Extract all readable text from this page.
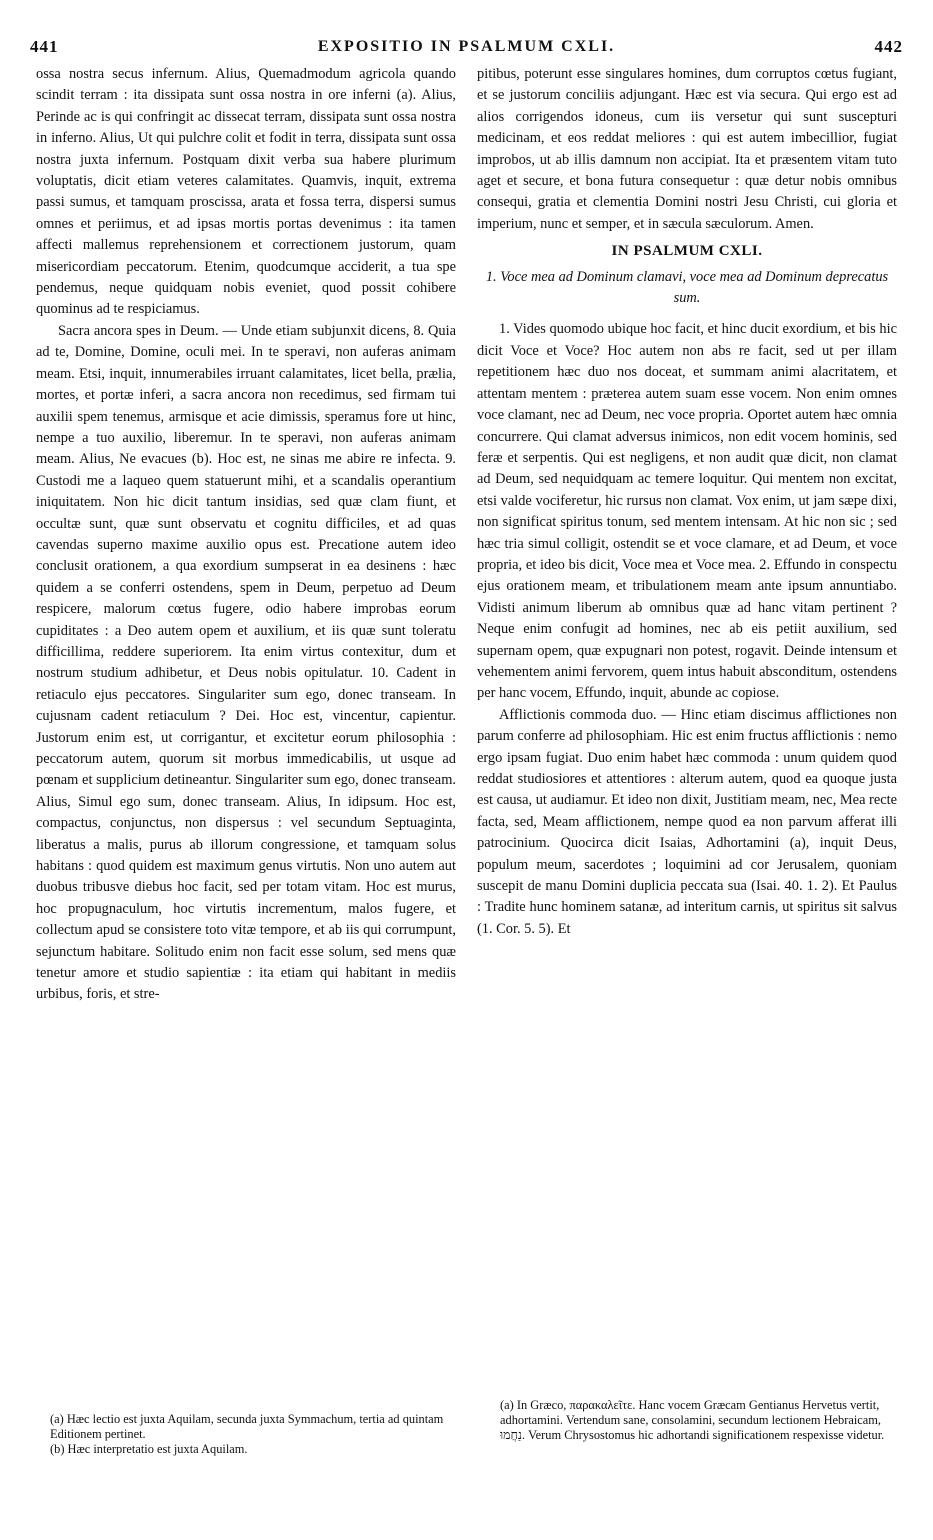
441	EXPOSITIO IN PSALMUM CXLI.	442

ossa nostra secus infernum. Alius, Quemadmodum agricola quando scindit terram : ita dissipata sunt ossa nostra in ore inferni (a). Alius, Perinde ac is qui confringit ac dissecat terram, dissipata sunt ossa nostra in inferno. Alius, Ut qui pulchre colit et fodit in terra, dissipata sunt ossa nostra juxta infernum. Postquam dixit verba sua habere plurimum voluptatis, dicit etiam veteres calamitates. Quamvis, inquit, extrema passi sumus, et tamquam proscissa, arata et fossa terra, dispersi sumus omnes et periimus, et ad ipsas mortis portas devenimus : ita tamen affecti mallemus reprehensionem et correctionem justorum, quam misericordiam peccatorum. Etenim, quodcumque acciderit, a tua spe pendemus, neque quidquam nobis eveniet, quod possit cohibere quominus ad te respiciamus.

Sacra ancora spes in Deum. — Unde etiam subjunxit dicens, 8. Quia ad te, Domine, Domine, oculi mei. In te speravi, non auferas animam meam. Etsi, inquit, innumerabiles irruant calamitates, licet bella, prælia, mortes, et portæ inferi, a sacra ancora non recedimus, sed firmam tui auxilii spem tenemus, armisque et acie dimissis, speramus fore ut hinc, nempe a tuo auxilio, liberemur. In te speravi, non auferas animam meam. Alius, Ne evacues (b). Hoc est, ne sinas me abire re infecta. 9. Custodi me a laqueo quem statuerunt mihi, et a scandalis operantium iniquitatem. Non hic dicit tantum insidias, sed quæ clam fiunt, et occultæ sunt, quæ sunt observatu et cognitu difficiles, et ad quas cavendas superno maxime auxilio opus est. Precatione autem ideo conclusit orationem, a qua exordium sumpserat in ea desinens : hæc quidem a se conferri ostendens, spem in Deum, perpetuo ad Deum respicere, malorum cœtus fugere, odio habere improbas eorum cupiditates : a Deo autem opem et auxilium, et iis quæ sunt toleratu difficillima, reddere superiorem. Ita enim virtus contexitur, dum et nostrum studium adhibetur, et Deus nobis opitulatur. 10. Cadent in retiaculo ejus peccatores. Singulariter sum ego, donec transeam. In cujusnam cadent retiaculum ? Dei. Hoc est, vincentur, capientur. Justorum enim est, ut corrigantur, et excitetur eorum philosophia : peccatorum autem, quorum sit morbus immedicabilis, ut usque ad pœnam et supplicium detineantur. Singulariter sum ego, donec transeam. Alius, Simul ego sum, donec transeam. Alius, In idipsum. Hoc est, compactus, conjunctus, non dispersus : vel secundum Septuaginta, liberatus a malis, purus ab illorum congressione, et tamquam solus habitans : quod quidem est maximum genus virtutis. Non uno autem aut duobus tribusve diebus hoc facit, sed per totam vitam. Hoc est murus, hoc propugnaculum, hoc virtutis incrementum, malos fugere, et collectum apud se consistere toto vitæ tempore, et ab iis qui corrumpunt, sejunctum habitare. Solitudo enim non facit esse solum, sed mens quæ tenetur amore et studio sapientiæ : ita etiam qui habitant in mediis urbibus, foris, et stre-

(a) Hæc lectio est juxta Aquilam, secunda juxta Symmachum, tertia ad quintam Editionem pertinet.
(b) Hæc interpretatio est juxta Aquilam.

pitibus, poterunt esse singulares homines, dum corruptos cœtus fugiant, et se justorum conciliis adjungant. Hæc est via secura. Qui ergo est ad alios corrigendos idoneus, cum iis versetur qui sunt suscepturi medicinam, et eos reddat meliores : qui est autem imbecillior, fugiat improbos, ut ab illis damnum non accipiat. Ita et præsentem vitam tuto aget et secure, et bona futura consequetur : quæ detur nobis omnibus consequi, gratia et clementia Domini nostri Jesu Christi, cui gloria et imperium, nunc et semper, et in sæcula sæculorum. Amen.

IN PSALMUM CXLI.

1. Voce mea ad Dominum clamavi, voce mea ad Dominum deprecatus sum.

1. Vides quomodo ubique hoc facit, et hinc ducit exordium, et bis hic dicit Voce et Voce? Hoc autem non abs re facit, sed ut per illam repetitionem hæc duo nos doceat, et summam animi alacritatem, et attentam mentem : præterea autem suam esse vocem. Non enim omnes voce clamant, nec ad Deum, nec voce propria. Oportet autem hæc omnia concurrere. Qui clamat adversus inimicos, non edit vocem hominis, sed feræ et serpentis. Qui est negligens, et non audit quæ dicit, non clamat ad Deum, sed nequidquam ac temere loquitur. Qui mentem non excitat, etsi valde vociferetur, hic rursus non clamat. Vox enim, ut jam sæpe dixi, non significat spiritus tonum, sed mentem intensam. At hic non sic ; sed hæc tria simul colligit, ostendit se et voce clamare, et ad Deum, et voce propria, et ideo bis dicit, Voce mea et Voce mea. 2. Effundo in conspectu ejus orationem meam, et tribulationem meam ante ipsum annuntiabo. Vidisti animum liberum ab omnibus quæ ad hanc vitam pertinent ? Neque enim confugit ad homines, nec ab eis petiit auxilium, sed supernam opem, quæ expugnari non potest, rogavit. Deinde intensum et vehementem animi fervorem, quem intus habuit absconditum, ostendens per hanc vocem, Effundo, inquit, abunde ac copiose.

Afflictionis commoda duo. — Hinc etiam discimus afflictiones non parum conferre ad philosophiam. Hic est enim fructus afflictionis : nemo ergo ipsam fugiat. Duo enim habet hæc commoda : unum quidem quod reddat studiosiores et attentiores : alterum autem, quod ea quoque justa est causa, ut audiamur. Et ideo non dixit, Justitiam meam, nec, Mea recte facta, sed, Meam afflictionem, nempe quod ea non parvum afferat illi patrocinium. Quocirca dicit Isaias, Adhortamini (a), inquit Deus, populum meum, sacerdotes ; loquimini ad cor Jerusalem, quoniam suscepit de manu Domini duplicia peccata sua (Isai. 40. 1. 2). Et Paulus : Tradite hunc hominem satanæ, ad interitum carnis, ut spiritus sit salvus (1. Cor. 5. 5). Et

(a) In Græco, παρακαλεῖτε. Hanc vocem Græcam Gentianus Hervetus vertit, adhortamini. Vertendum sane, consolamini, secundum lectionem Hebraicam, נַחֲמוּ. Verum Chrysostomus hic adhortandi significationem respexisse videtur.
